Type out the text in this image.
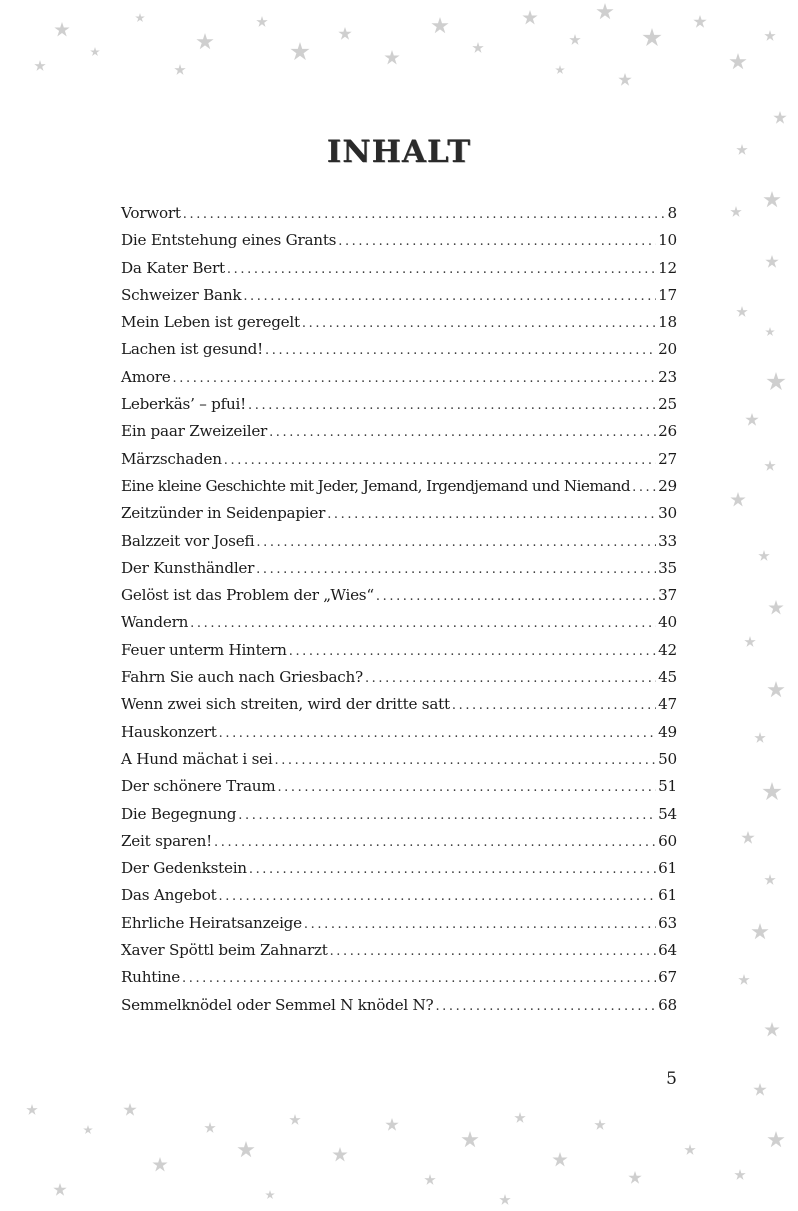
INHALT
Vorwort .....	8
Die Entstehung eines Grants .....	10
Da Kater Bert .....	12
Schweizer Bank .....	17
Mein Leben ist geregelt .....	18
Lachen ist gesund! .....	20
Amore .....	23
Leberkäs’ – pfui! .....	25
Ein paar Zweizeiler .....	26
Märzschaden .....	27
Eine kleine Geschichte mit Jeder, Jemand, Irgendjemand und Niemand ..... 29
Zeitzünder in Seidenpapier .....	30
Balzzeit vor Josefi .....	33
Der Kunsthändler .....	35
Gelöst ist das Problem der „Wies“ .....	37
Wandern .....	40
Feuer unterm Hintern .....	42
Fahrn Sie auch nach Griesbach? .....	45
Wenn zwei sich streiten, wird der dritte satt .....	47
Hauskonzert .....	49
A Hund mächat i sei .....	50
Der schönere Traum .....	51
Die Begegnung .....	54
Zeit sparen! .....	60
Der Gedenkstein .....	61
Das Angebot .....	61
Ehrliche Heiratsanzeige .....	63
Xaver Spöttl beim Zahnarzt .....	64
Ruhtine .....	67
Semmelknödel oder Semmel N knödel N? .....	68
5
